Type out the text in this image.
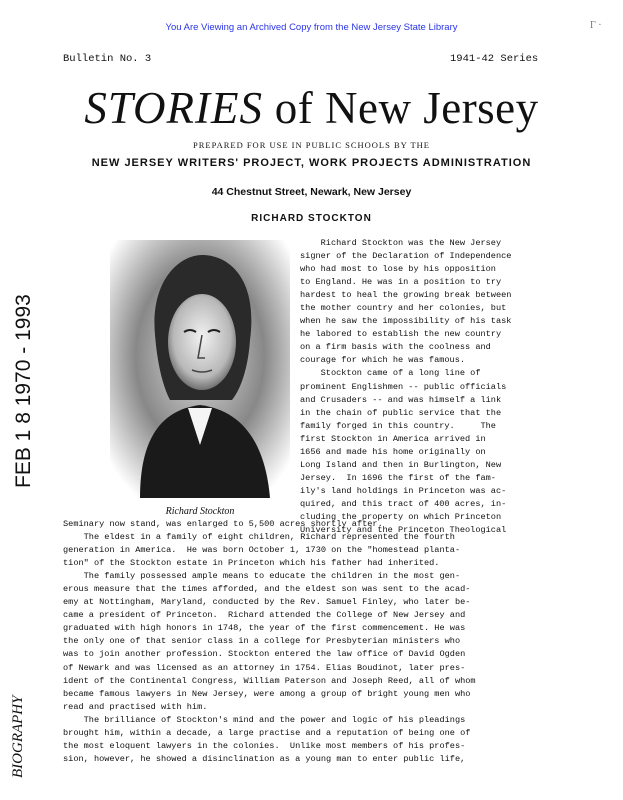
You Are Viewing an Archived Copy from the New Jersey State Library	Γ ·
Bulletin No. 3	1941-42 Series
STORIES of New Jersey
PREPARED FOR USE IN PUBLIC SCHOOLS BY THE
NEW JERSEY WRITERS' PROJECT, WORK PROJECTS ADMINISTRATION
44 Chestnut Street, Newark, New Jersey
RICHARD STOCKTON
Richard Stockton
Richard Stockton was the New Jersey
signer of the Declaration of Independence
who had most to lose by his opposition
to England. He was in a position to try
hardest to heal the growing break between
the mother country and her colonies, but
when he saw the impossibility of his task
he labored to establish the new country
on a firm basis with the coolness and
courage for which he was famous.
Stockton came of a long line of
prominent Englishmen -- public officials
and Crusaders -- and was himself a link
in the chain of public service that the
family forged in this country.     The
first Stockton in America arrived in
1656 and made his home originally on
Long Island and then in Burlington, New
Jersey.  In 1696 the first of the fam-
ily's land holdings in Princeton was ac-
quired, and this tract of 400 acres, in-
cluding the property on which Princeton
University and the Princeton Theological
Seminary now stand, was enlarged to 5,500 acres shortly after.
The eldest in a family of eight children, Richard represented the fourth
generation in America.  He was born October 1, 1730 on the "homestead planta-
tion" of the Stockton estate in Princeton which his father had inherited.
The family possessed ample means to educate the children in the most gen-
erous measure that the times afforded, and the eldest son was sent to the acad-
emy at Nottingham, Maryland, conducted by the Rev. Samuel Finley, who later be-
came a president of Princeton.  Richard attended the College of New Jersey and
graduated with high honors in 1748, the year of the first commencement. He was
the only one of that senior class in a college for Presbyterian ministers who
was to join another profession. Stockton entered the law office of David Ogden
of Newark and was licensed as an attorney in 1754. Elias Boudinot, later pres-
ident of the Continental Congress, William Paterson and Joseph Reed, all of whom
became famous lawyers in New Jersey, were among a group of bright young men who
read and practised with him.
The brilliance of Stockton's mind and the power and logic of his pleadings
brought him, within a decade, a large practise and a reputation of being one of
the most eloquent lawyers in the colonies.  Unlike most members of his profes-
sion, however, he showed a disinclination as a young man to enter public life,
FEB 1 8 1970 - 1993
BIOGRAPHY
